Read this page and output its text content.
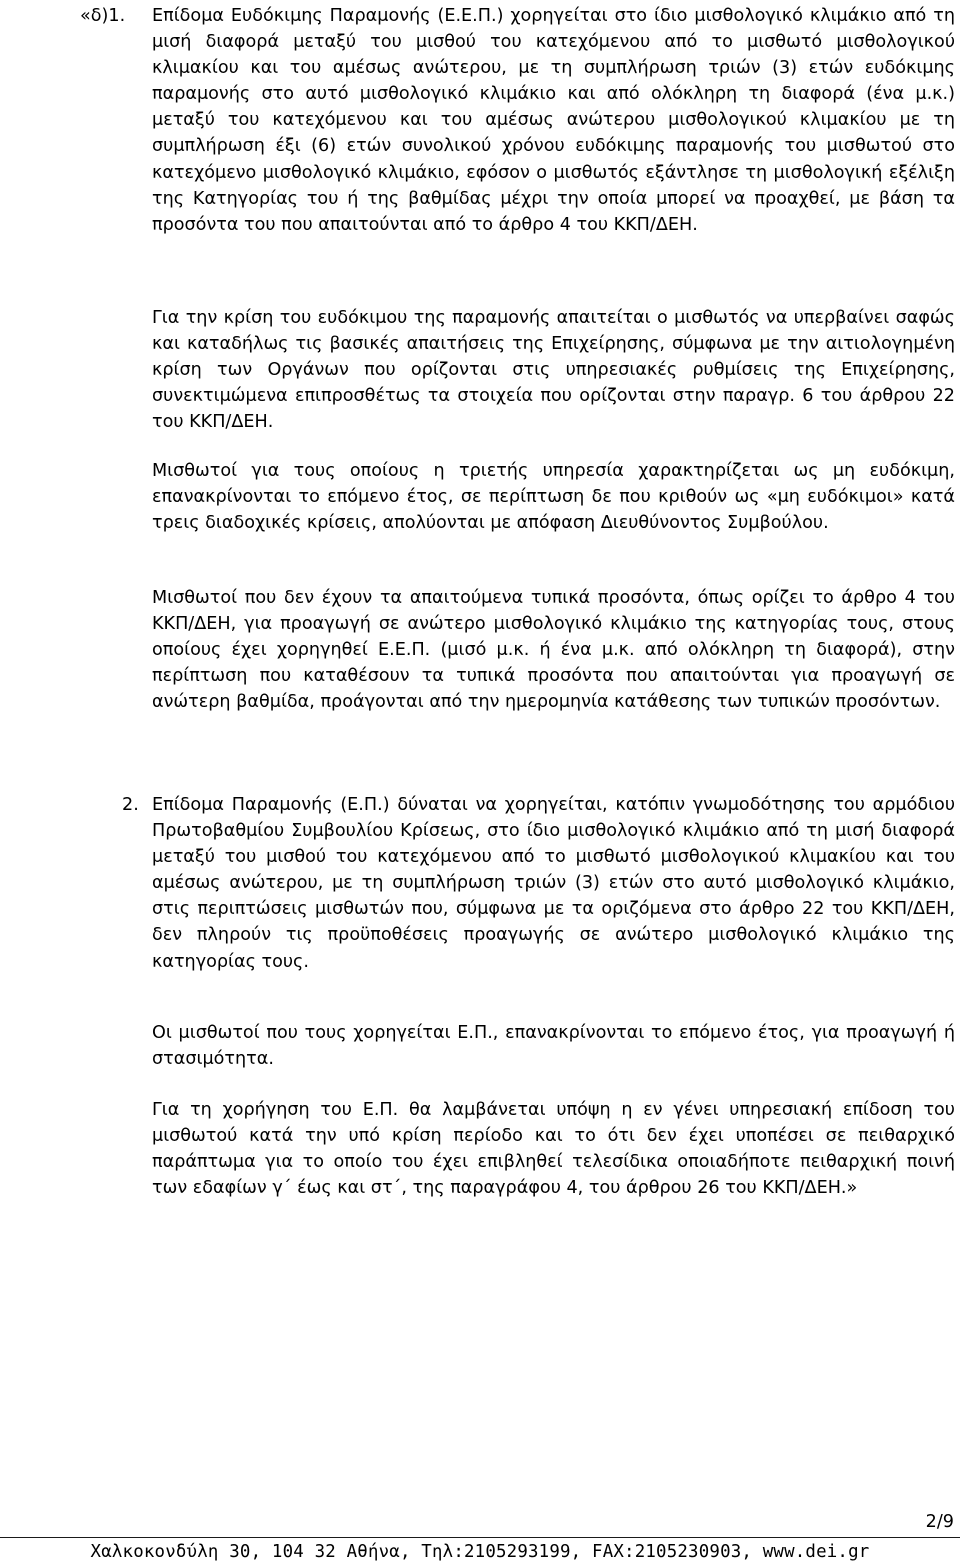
«δ)1. Επίδομα Ευδόκιμης Παραμονής (Ε.Ε.Π.) χορηγείται στο ίδιο μισθολογικό κλιμάκιο από τη μισή διαφορά μεταξύ του μισθού του κατεχόμενου από το μισθωτό μισθολογικού κλιμακίου και του αμέσως ανώτερου, με τη συμπλήρωση τριών (3) ετών ευδόκιμης παραμονής στο αυτό μισθολογικό κλιμάκιο και από ολόκληρη τη διαφορά (ένα μ.κ.) μεταξύ του κατεχόμενου και του αμέσως ανώτερου μισθολογικού κλιμακίου με τη συμπλήρωση έξι (6) ετών συνολικού χρόνου ευδόκιμης παραμονής του μισθωτού στο κατεχόμενο μισθολογικό κλιμάκιο, εφόσον ο μισθωτός εξάντλησε τη μισθολογική εξέλιξη της Κατηγορίας του ή της βαθμίδας μέχρι την οποία μπορεί να προαχθεί, με βάση τα προσόντα του που απαιτούνται από το άρθρο 4 του ΚΚΠ/ΔΕΗ.

Για την κρίση του ευδόκιμου της παραμονής απαιτείται ο μισθωτός να υπερβαίνει σαφώς και καταδήλως τις βασικές απαιτήσεις της Επιχείρησης, σύμφωνα με την αιτιολογημένη κρίση των Οργάνων που ορίζονται στις υπηρεσιακές ρυθμίσεις της Επιχείρησης, συνεκτιμώμενα επιπροσθέτως τα στοιχεία που ορίζονται στην παραγρ. 6 του άρθρου 22 του ΚΚΠ/ΔΕΗ.

Μισθωτοί για τους οποίους η τριετής υπηρεσία χαρακτηρίζεται ως μη ευδόκιμη, επανακρίνονται το επόμενο έτος, σε περίπτωση δε που κριθούν ως «μη ευδόκιμοι» κατά τρεις διαδοχικές κρίσεις, απολύονται με απόφαση Διευθύνοντος Συμβούλου.

Μισθωτοί που δεν έχουν τα απαιτούμενα τυπικά προσόντα, όπως ορίζει το άρθρο 4 του ΚΚΠ/ΔΕΗ, για προαγωγή σε ανώτερο μισθολογικό κλιμάκιο της κατηγορίας τους, στους οποίους έχει χορηγηθεί Ε.Ε.Π. (μισό μ.κ. ή ένα μ.κ. από ολόκληρη τη διαφορά), στην περίπτωση που καταθέσουν τα τυπικά προσόντα που απαιτούνται για προαγωγή σε ανώτερη βαθμίδα, προάγονται από την ημερομηνία κατάθεσης των τυπικών προσόντων.

2. Επίδομα Παραμονής (Ε.Π.) δύναται να χορηγείται, κατόπιν γνωμοδότησης του αρμόδιου Πρωτοβαθμίου Συμβουλίου Κρίσεως, στο ίδιο μισθολογικό κλιμάκιο από τη μισή διαφορά μεταξύ του μισθού του κατεχόμενου από το μισθωτό μισθολογικού κλιμακίου και του αμέσως ανώτερου, με τη συμπλήρωση τριών (3) ετών στο αυτό μισθολογικό κλιμάκιο, στις περιπτώσεις μισθωτών που, σύμφωνα με τα οριζόμενα στο άρθρο 22 του ΚΚΠ/ΔΕΗ, δεν πληρούν τις προϋποθέσεις προαγωγής σε ανώτερο μισθολογικό κλιμάκιο της κατηγορίας τους.

Οι μισθωτοί που τους χορηγείται Ε.Π., επανακρίνονται το επόμενο έτος, για προαγωγή ή στασιμότητα.

Για τη χορήγηση του Ε.Π. θα λαμβάνεται υπόψη η εν γένει υπηρεσιακή επίδοση του μισθωτού κατά την υπό κρίση περίοδο και το ότι δεν έχει υποπέσει σε πειθαρχικό παράπτωμα για το οποίο του έχει επιβληθεί τελεσίδικα οποιαδήποτε πειθαρχική ποινή των εδαφίων γ΄ έως και στ΄, της παραγράφου 4, του άρθρου 26 του ΚΚΠ/ΔΕΗ.»

2/9
Χαλκοκονδύλη 30, 104 32 Αθήνα, Τηλ:2105293199, FAX:2105230903, www.dei.gr
